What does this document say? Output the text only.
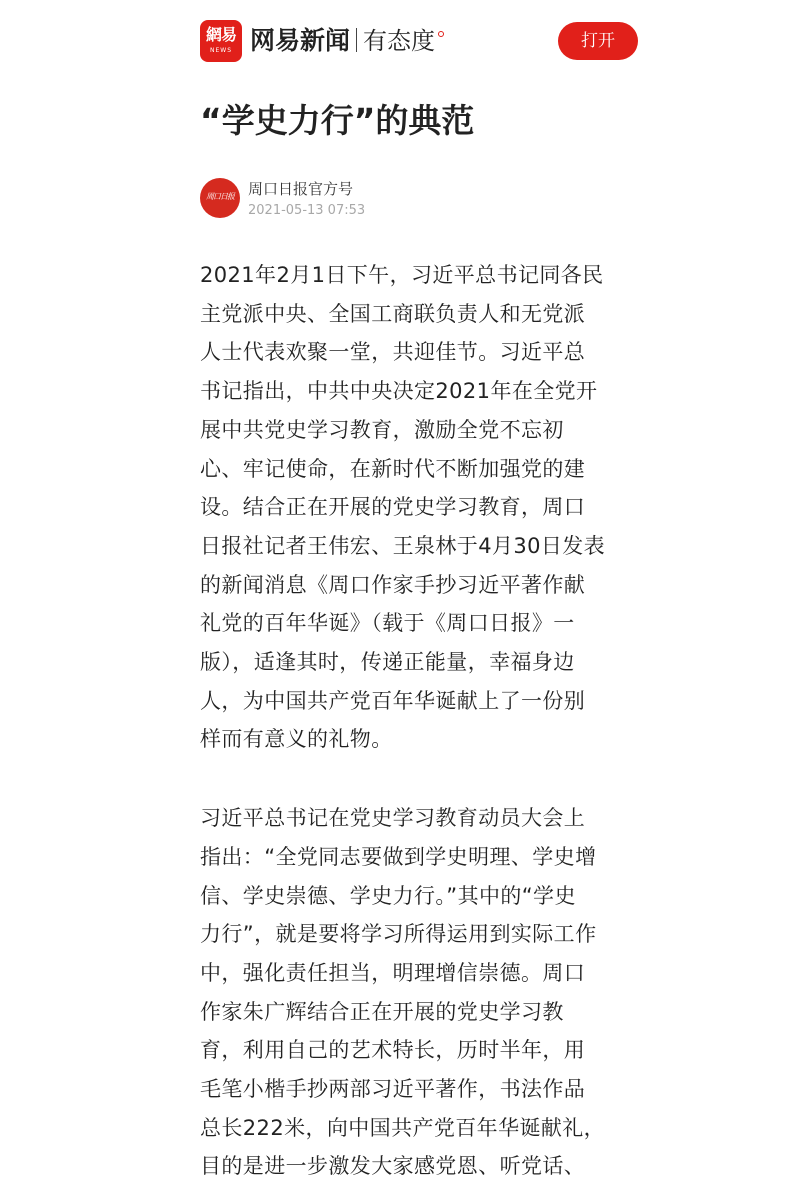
網易
NEWS 网易新闻 有态度	打开
“学史力行”的典范
周口日报 周口日报官方号
2021-05-13 07:53

2021年2月1日下午，习近平总书记同各民
主党派中央、全国工商联负责人和无党派
人士代表欢聚一堂，共迎佳节。习近平总
书记指出，中共中央决定2021年在全党开
展中共党史学习教育，激励全党不忘初
心、牢记使命，在新时代不断加强党的建
设。结合正在开展的党史学习教育，周口
日报社记者王伟宏、王泉林于4月30日发表
的新闻消息《周口作家手抄习近平著作献
礼党的百年华诞》（载于《周口日报》一
版），适逢其时，传递正能量，幸福身边
人，为中国共产党百年华诞献上了一份别
样而有意义的礼物。

习近平总书记在党史学习教育动员大会上
指出：“全党同志要做到学史明理、学史增
信、学史崇德、学史力行。”其中的“学史
力行”，就是要将学习所得运用到实际工作
中，强化责任担当，明理增信崇德。周口
作家朱广辉结合正在开展的党史学习教
育，利用自己的艺术特长，历时半年，用
毛笔小楷手抄两部习近平著作，书法作品
总长222米，向中国共产党百年华诞献礼，
目的是进一步激发大家感党恩、听党话、
